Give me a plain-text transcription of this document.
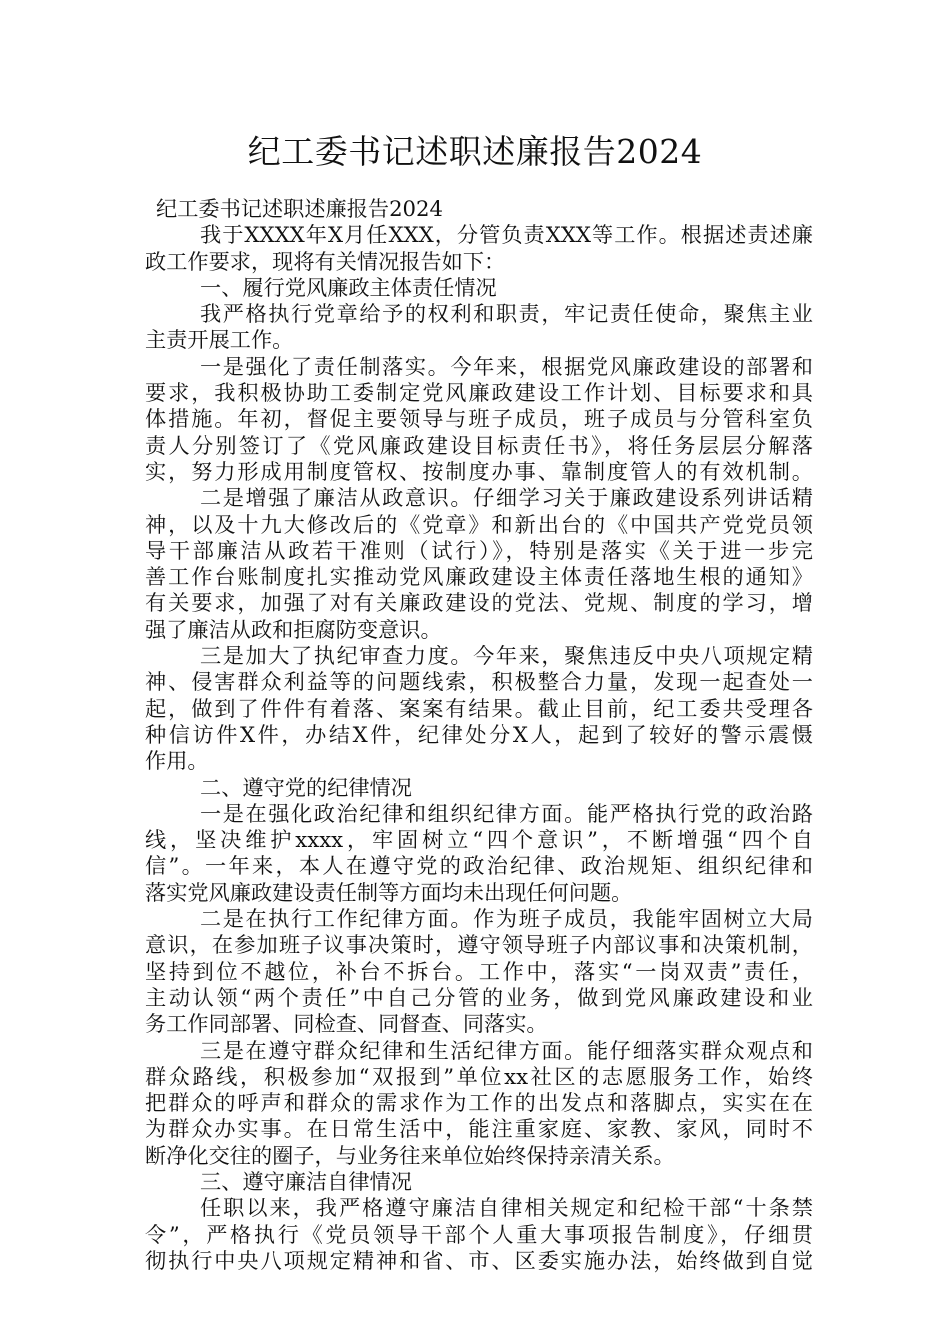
纪工委书记述职述廉报告2024
纪工委书记述职述廉报告2024
我于XXXX年X月任XXX，分管负责XXX等工作。根据述责述廉
政工作要求，现将有关情况报告如下：
一、履行党风廉政主体责任情况
我严格执行党章给予的权利和职责，牢记责任使命，聚焦主业
主责开展工作。
一是强化了责任制落实。今年来，根据党风廉政建设的部署和
要求，我积极协助工委制定党风廉政建设工作计划、目标要求和具
体措施。年初，督促主要领导与班子成员，班子成员与分管科室负
责人分别签订了《党风廉政建设目标责任书》，将任务层层分解落
实，努力形成用制度管权、按制度办事、靠制度管人的有效机制。
二是增强了廉洁从政意识。仔细学习关于廉政建设系列讲话精
神，以及十九大修改后的《党章》和新出台的《中国共产党党员领
导干部廉洁从政若干准则（试行）》，特别是落实《关于进一步完
善工作台账制度扎实推动党风廉政建设主体责任落地生根的通知》
有关要求，加强了对有关廉政建设的党法、党规、制度的学习，增
强了廉洁从政和拒腐防变意识。
三是加大了执纪审查力度。今年来，聚焦违反中央八项规定精
神、侵害群众利益等的问题线索，积极整合力量，发现一起查处一
起，做到了件件有着落、案案有结果。截止目前，纪工委共受理各
种信访件X件，办结X件，纪律处分X人，起到了较好的警示震慑
作用。
二、遵守党的纪律情况
一是在强化政治纪律和组织纪律方面。能严格执行党的政治路
线，坚决维护xxxx，牢固树立“四个意识”，不断增强“四个自
信”。一年来，本人在遵守党的政治纪律、政治规矩、组织纪律和
落实党风廉政建设责任制等方面均未出现任何问题。
二是在执行工作纪律方面。作为班子成员，我能牢固树立大局
意识，在参加班子议事决策时，遵守领导班子内部议事和决策机制，
坚持到位不越位，补台不拆台。工作中，落实“一岗双责”责任，
主动认领“两个责任”中自己分管的业务，做到党风廉政建设和业
务工作同部署、同检查、同督查、同落实。
三是在遵守群众纪律和生活纪律方面。能仔细落实群众观点和
群众路线，积极参加“双报到”单位xx社区的志愿服务工作，始终
把群众的呼声和群众的需求作为工作的出发点和落脚点，实实在在
为群众办实事。在日常生活中，能注重家庭、家教、家风，同时不
断净化交往的圈子，与业务往来单位始终保持亲清关系。
三、遵守廉洁自律情况
任职以来，我严格遵守廉洁自律相关规定和纪检干部“十条禁
令”，严格执行《党员领导干部个人重大事项报告制度》，仔细贯
彻执行中央八项规定精神和省、市、区委实施办法，始终做到自觉
